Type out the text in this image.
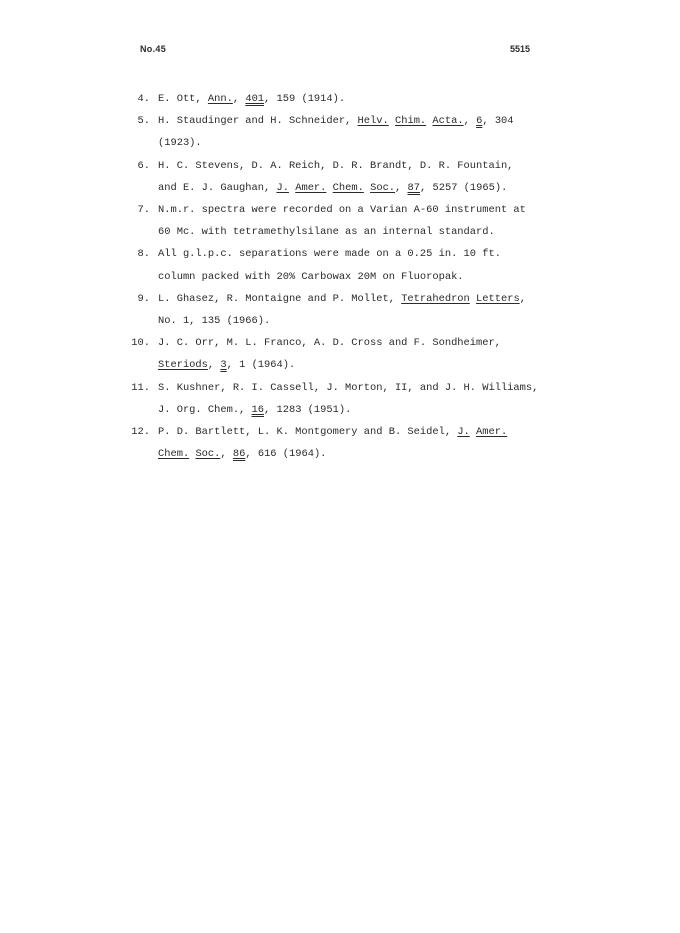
No.45	5515
4. E. Ott, Ann., 401, 159 (1914).
5. H. Staudinger and H. Schneider, Helv. Chim. Acta., 6, 304
(1923).
6. H. C. Stevens, D. A. Reich, D. R. Brandt, D. R. Fountain,
and E. J. Gaughan, J. Amer. Chem. Soc., 87, 5257 (1965).
7. N.m.r. spectra were recorded on a Varian A-60 instrument at
60 Mc. with tetramethylsilane as an internal standard.
8. All g.l.p.c. separations were made on a 0.25 in. 10 ft.
column packed with 20% Carbowax 20M on Fluoropak.
9. L. Ghasez, R. Montaigne and P. Mollet, Tetrahedron Letters,
No. 1, 135 (1966).
10. J. C. Orr, M. L. Franco, A. D. Cross and F. Sondheimer,
Steriods, 3, 1 (1964).
11. S. Kushner, R. I. Cassell, J. Morton, II, and J. H. Williams,
J. Org. Chem., 16, 1283 (1951).
12. P. D. Bartlett, L. K. Montgomery and B. Seidel, J. Amer.
Chem. Soc., 86, 616 (1964).
